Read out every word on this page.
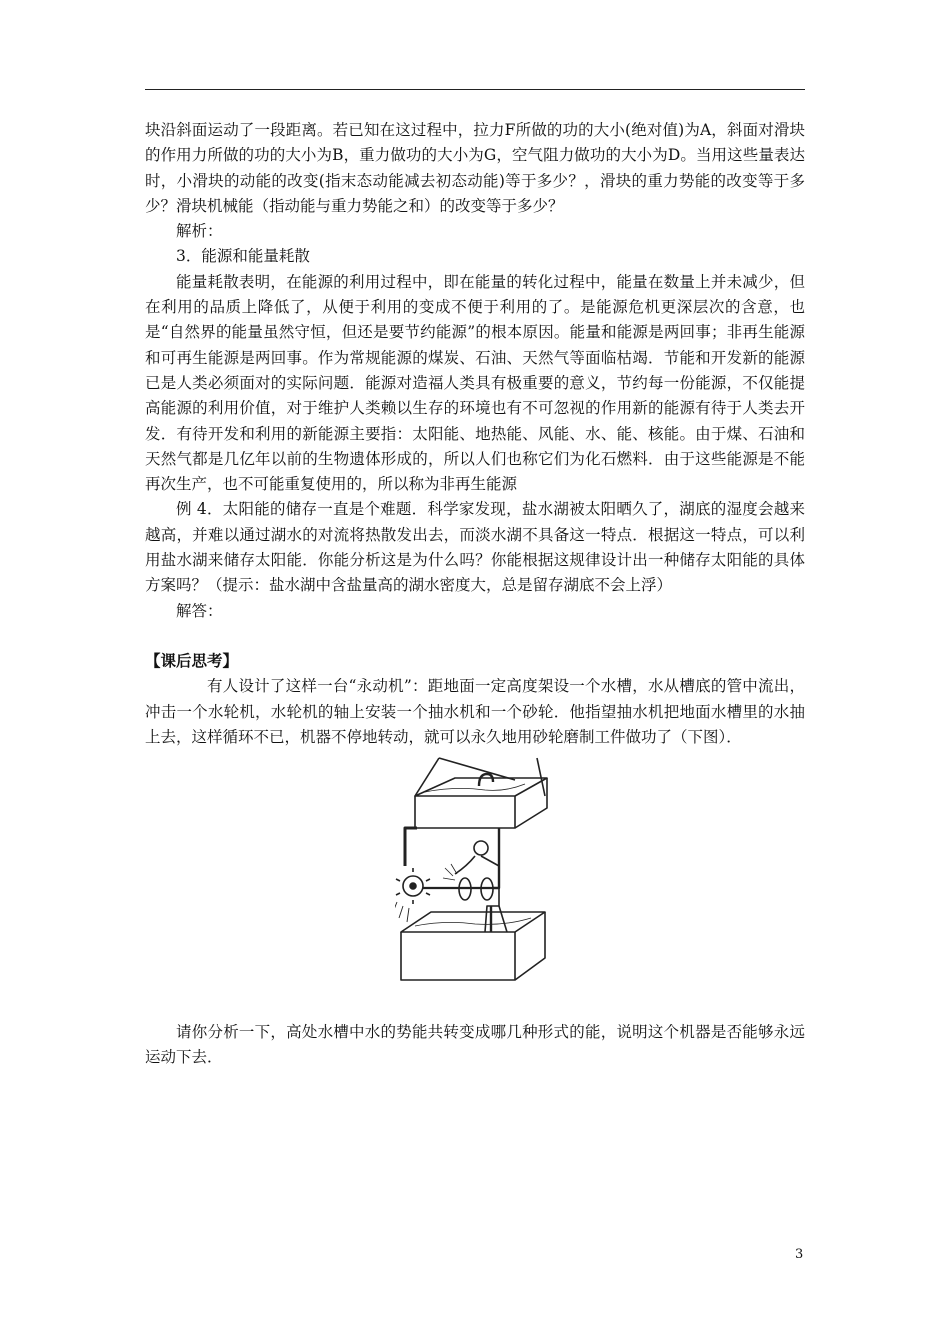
块沿斜面运动了一段距离。若已知在这过程中，拉力F所做的功的大小(绝对值)为A，斜面对滑块的作用力所做的功的大小为B，重力做功的大小为G，空气阻力做功的大小为D。当用这些量表达时，小滑块的动能的改变(指末态动能减去初态动能)等于多少？，滑块的重力势能的改变等于多少？滑块机械能（指动能与重力势能之和）的改变等于多少？

解析：

3．能源和能量耗散

能量耗散表明，在能源的利用过程中，即在能量的转化过程中，能量在数量上并未减少，但在利用的品质上降低了，从便于利用的变成不便于利用的了。是能源危机更深层次的含意，也是“自然界的能量虽然守恒，但还是要节约能源”的根本原因。能量和能源是两回事；非再生能源和可再生能源是两回事。作为常规能源的煤炭、石油、天然气等面临枯竭．节能和开发新的能源已是人类必须面对的实际问题．能源对造福人类具有极重要的意义，节约每一份能源，不仅能提高能源的利用价值，对于维护人类赖以生存的环境也有不可忽视的作用新的能源有待于人类去开发．有待开发和利用的新能源主要指：太阳能、地热能、风能、水、能、核能。由于煤、石油和天然气都是几亿年以前的生物遗体形成的，所以人们也称它们为化石燃料．由于这些能源是不能再次生产，也不可能重复使用的，所以称为非再生能源

例 4．太阳能的储存一直是个难题．科学家发现，盐水湖被太阳晒久了，湖底的湿度会越来越高，并难以通过湖水的对流将热散发出去，而淡水湖不具备这一特点．根据这一特点，可以利用盐水湖来储存太阳能．你能分析这是为什么吗？你能根据这规律设计出一种储存太阳能的具体方案吗？（提示：盐水湖中含盐量高的湖水密度大，总是留存湖底不会上浮）

解答：

【课后思考】

有人设计了这样一台“永动机”：距地面一定高度架设一个水槽，水从槽底的管中流出，冲击一个水轮机，水轮机的轴上安装一个抽水机和一个砂轮．他指望抽水机把地面水槽里的水抽上去，这样循环不已，机器不停地转动，就可以永久地用砂轮磨制工件做功了（下图）．

请你分析一下，高处水槽中水的势能共转变成哪几种形式的能，说明这个机器是否能够永远运动下去．

3
